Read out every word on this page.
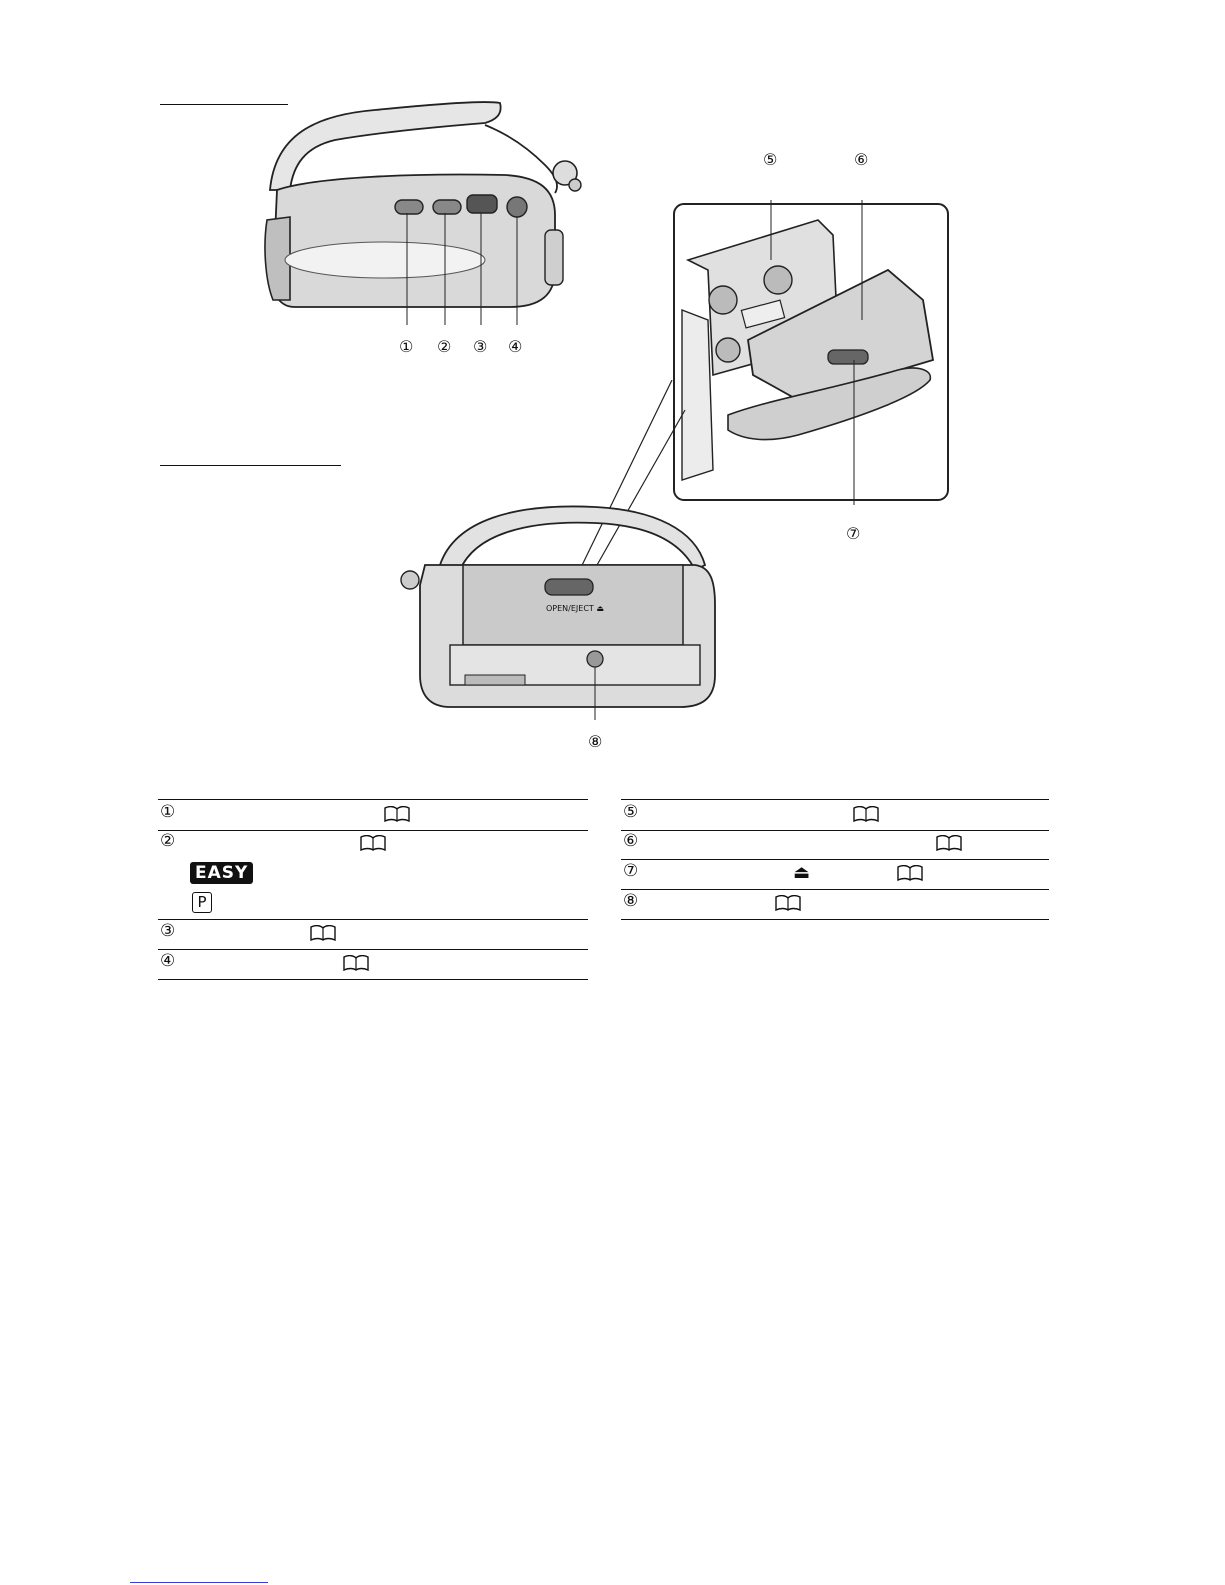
① ② ③ ④
⑤	⑥
⑦
OPEN/EJECT ⏏
⑧
①
②
EASY
P
③
④
⑤
⑥
⑦	⏏
⑧
